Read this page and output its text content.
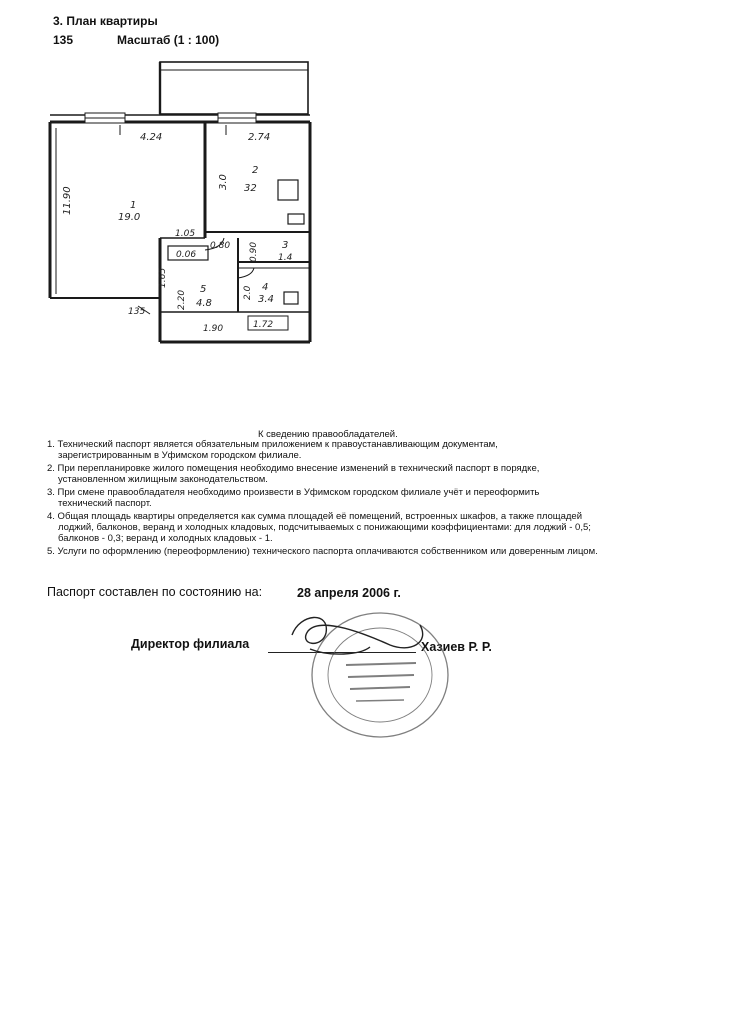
3. План квартиры
135	Масштаб (1 : 100)
4.24	2.74
11.90
3.0
1
19.0
2
32
1.05
0.80
1.65
0.06	0.90 3
1.4
2.20
5
4.8
2.0 4
3.4
135
1.90	1.72
К сведению правообладателей.
1. Технический паспорт является обязательным приложением к правоустанавливающим документам,
зарегистрированным в Уфимском городском филиале.
2. При перепланировке жилого помещения необходимо внесение изменений в технический паспорт в порядке,
установленном жилищным законодательством.
3. При смене правообладателя необходимо произвести в Уфимском городском филиале учёт и переоформить
технический паспорт.
4. Общая площадь квартиры определяется как сумма площадей её помещений, встроенных шкафов, а также площадей
лоджий, балконов, веранд и холодных кладовых, подсчитываемых с понижающими коэффициентами: для лоджий - 0,5;
балконов - 0,3; веранд и холодных кладовых - 1.
5. Услуги по оформлению (переоформлению) технического паспорта оплачиваются собственником или доверенным лицом.
Паспорт составлен по состоянию на:	28 апреля 2006 г.
Директор филиала	Хазиев Р. Р.
